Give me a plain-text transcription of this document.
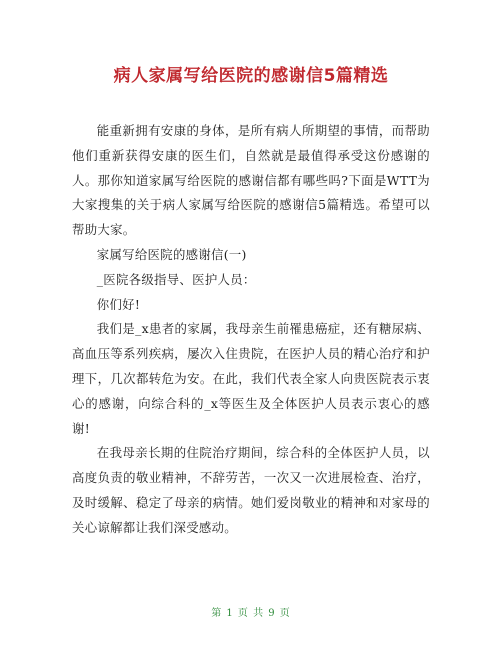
病人家属写给医院的感谢信5篇精选

能重新拥有安康的身体，是所有病人所期望的事情，而帮助他们重新获得安康的医生们，自然就是最值得承受这份感谢的人。那你知道家属写给医院的感谢信都有哪些吗?下面是WTT为大家搜集的关于病人家属写给医院的感谢信5篇精选。希望可以帮助大家。

家属写给医院的感谢信(一)

_医院各级指导、医护人员：

你们好!

我们是_x患者的家属，我母亲生前罹患癌症，还有糖尿病、高血压等系列疾病，屡次入住贵院，在医护人员的精心治疗和护理下，几次都转危为安。在此，我们代表全家人向贵医院表示衷心的感谢，向综合科的_x等医生及全体医护人员表示衷心的感谢!

在我母亲长期的住院治疗期间，综合科的全体医护人员，以高度负责的敬业精神，不辞劳苦，一次又一次进展检查、治疗，及时缓解、稳定了母亲的病情。她们爱岗敬业的精神和对家母的关心谅解都让我们深受感动。

第 1 页 共 9 页
